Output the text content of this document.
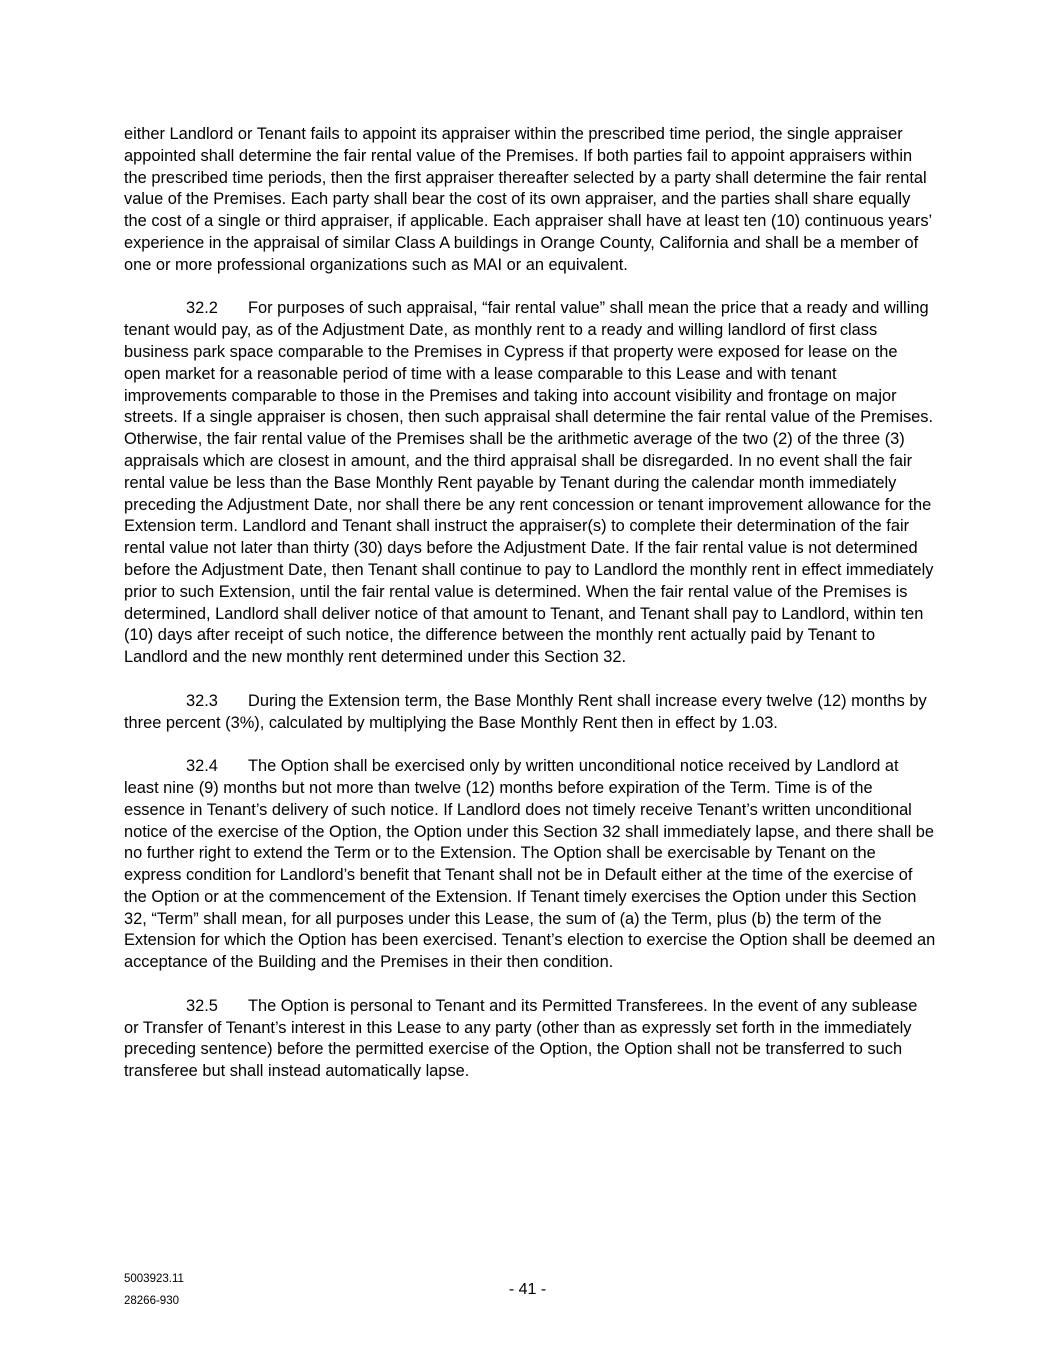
either Landlord or Tenant fails to appoint its appraiser within the prescribed time period, the single appraiser appointed shall determine the fair rental value of the Premises. If both parties fail to appoint appraisers within the prescribed time periods, then the first appraiser thereafter selected by a party shall determine the fair rental value of the Premises. Each party shall bear the cost of its own appraiser, and the parties shall share equally the cost of a single or third appraiser, if applicable. Each appraiser shall have at least ten (10) continuous years’ experience in the appraisal of similar Class A buildings in Orange County, California and shall be a member of one or more professional organizations such as MAI or an equivalent.

32.2 For purposes of such appraisal, “fair rental value” shall mean the price that a ready and willing tenant would pay, as of the Adjustment Date, as monthly rent to a ready and willing landlord of first class business park space comparable to the Premises in Cypress if that property were exposed for lease on the open market for a reasonable period of time with a lease comparable to this Lease and with tenant improvements comparable to those in the Premises and taking into account visibility and frontage on major streets. If a single appraiser is chosen, then such appraisal shall determine the fair rental value of the Premises. Otherwise, the fair rental value of the Premises shall be the arithmetic average of the two (2) of the three (3) appraisals which are closest in amount, and the third appraisal shall be disregarded. In no event shall the fair rental value be less than the Base Monthly Rent payable by Tenant during the calendar month immediately preceding the Adjustment Date, nor shall there be any rent concession or tenant improvement allowance for the Extension term. Landlord and Tenant shall instruct the appraiser(s) to complete their determination of the fair rental value not later than thirty (30) days before the Adjustment Date. If the fair rental value is not determined before the Adjustment Date, then Tenant shall continue to pay to Landlord the monthly rent in effect immediately prior to such Extension, until the fair rental value is determined. When the fair rental value of the Premises is determined, Landlord shall deliver notice of that amount to Tenant, and Tenant shall pay to Landlord, within ten (10) days after receipt of such notice, the difference between the monthly rent actually paid by Tenant to Landlord and the new monthly rent determined under this Section 32.

32.3 During the Extension term, the Base Monthly Rent shall increase every twelve (12) months by three percent (3%), calculated by multiplying the Base Monthly Rent then in effect by 1.03.

32.4 The Option shall be exercised only by written unconditional notice received by Landlord at least nine (9) months but not more than twelve (12) months before expiration of the Term. Time is of the essence in Tenant’s delivery of such notice. If Landlord does not timely receive Tenant’s written unconditional notice of the exercise of the Option, the Option under this Section 32 shall immediately lapse, and there shall be no further right to extend the Term or to the Extension. The Option shall be exercisable by Tenant on the express condition for Landlord’s benefit that Tenant shall not be in Default either at the time of the exercise of the Option or at the commencement of the Extension. If Tenant timely exercises the Option under this Section 32, “Term” shall mean, for all purposes under this Lease, the sum of (a) the Term, plus (b) the term of the Extension for which the Option has been exercised. Tenant’s election to exercise the Option shall be deemed an acceptance of the Building and the Premises in their then condition.

32.5 The Option is personal to Tenant and its Permitted Transferees. In the event of any sublease or Transfer of Tenant’s interest in this Lease to any party (other than as expressly set forth in the immediately preceding sentence) before the permitted exercise of the Option, the Option shall not be transferred to such transferee but shall instead automatically lapse.

5003923.11
28266-930
- 41 -
